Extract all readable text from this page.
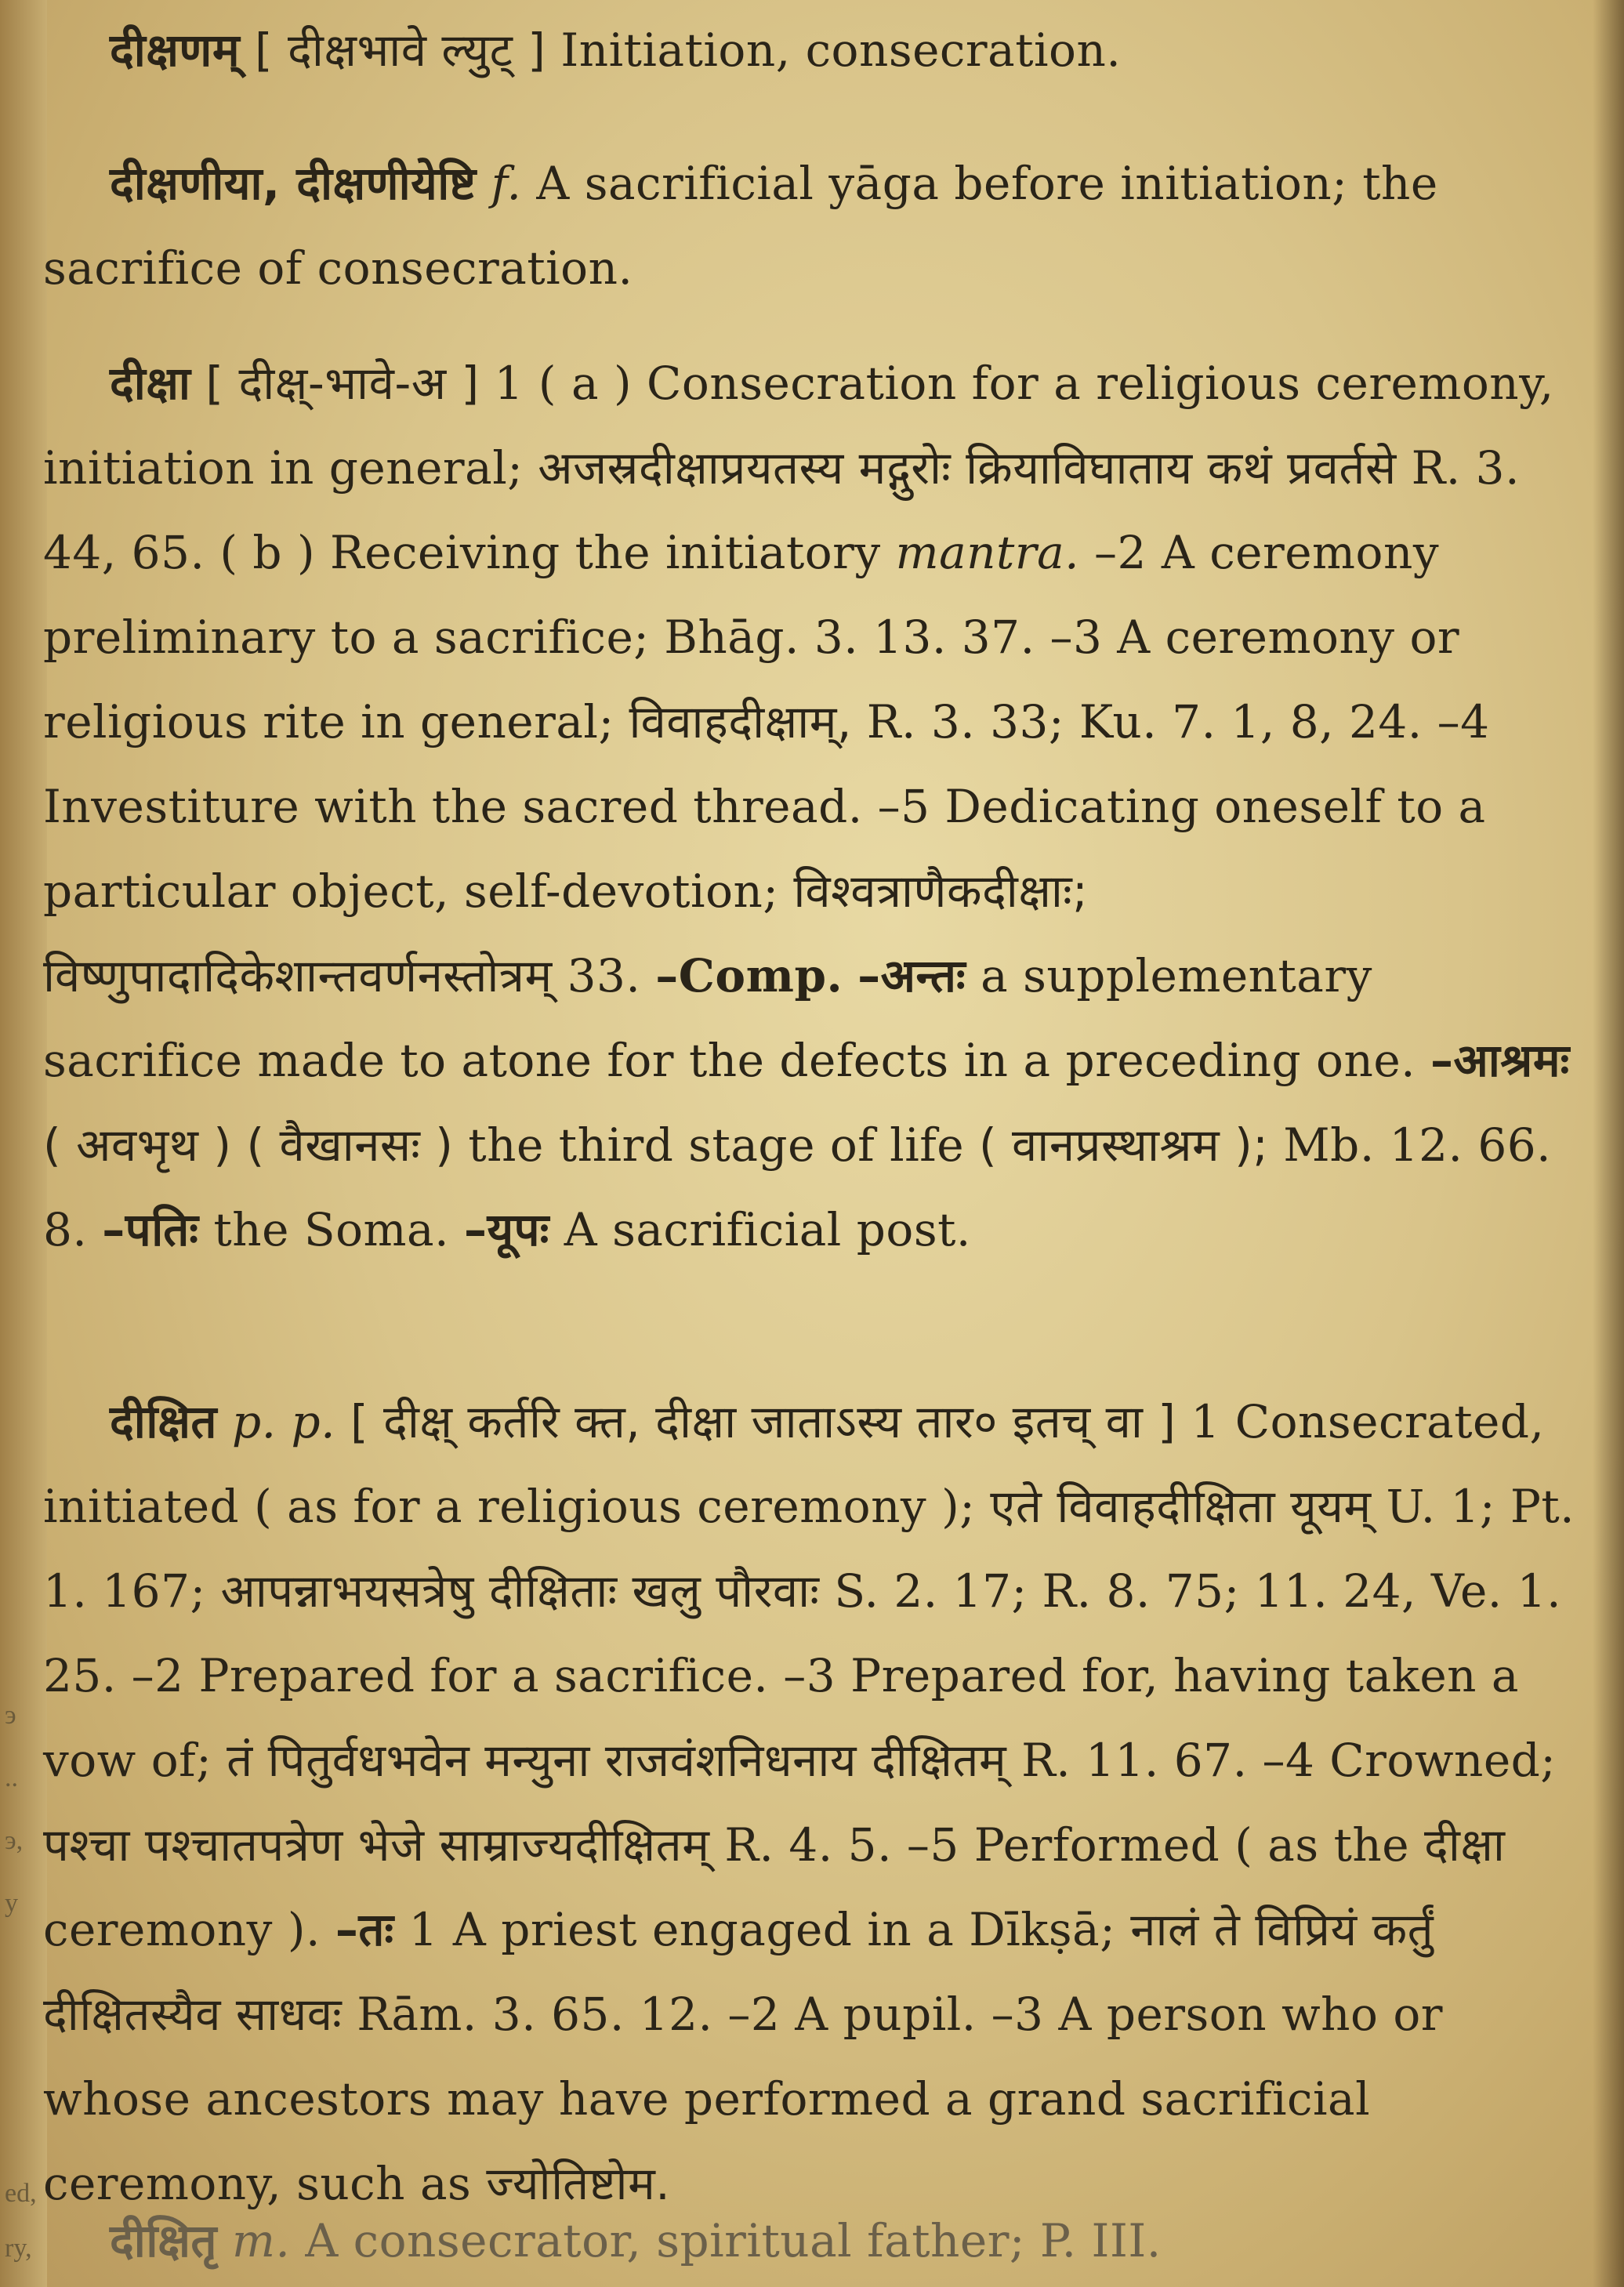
э
..
э,
y
ed,
ry,
दीक्षणम् [ दीक्षभावे ल्युट् ] Initiation, consecration.
दीक्षणीया, दीक्षणीयेष्टि f. A sacrificial yāga before initiation; the sacrifice of consecration.
दीक्षा [ दीक्ष्-भावे-अ ] 1 ( a ) Consecration for a religious ceremony, initiation in general; अजस्रदीक्षाप्रयतस्य मद्गुरोः क्रियाविघाताय कथं प्रवर्तसे R. 3. 44, 65. ( b ) Receiving the initiatory mantra. –2 A ceremony preliminary to a sacrifice; Bhāg. 3. 13. 37. –3 A ceremony or religious rite in general; विवाहदीक्षाम्, R. 3. 33; Ku. 7. 1, 8, 24. –4 Investiture with the sacred thread. –5 Dedicating oneself to a particular object, self-devotion; विश्वत्राणैकदीक्षाः; विष्णुपादादिकेशान्तवर्णनस्तोत्रम् 33. –Comp. –अन्तः a supplementary sacrifice made to atone for the defects in a preceding one. –आश्रमः ( अवभृथ ) ( वैखानसः ) the third stage of life ( वानप्रस्थाश्रम ); Mb. 12. 66. 8. –पतिः the Soma. –यूपः A sacrificial post.
दीक्षित p. p. [ दीक्ष् कर्तरि क्त, दीक्षा जाताऽस्य तार० इतच् वा ] 1 Consecrated, initiated ( as for a religious ceremony ); एते विवाहदीक्षिता यूयम् U. 1; Pt. 1. 167; आपन्नाभयसत्रेषु दीक्षिताः खलु पौरवाः S. 2. 17; R. 8. 75; 11. 24, Ve. 1. 25. –2 Prepared for a sacrifice. –3 Prepared for, having taken a vow of; तं पितुर्वधभवेन मन्युना राजवंशनिधनाय दीक्षितम् R. 11. 67. –4 Crowned; पश्चा पश्चातपत्रेण भेजे साम्राज्यदीक्षितम् R. 4. 5. –5 Performed ( as the दीक्षा ceremony ). –तः 1 A priest engaged in a Dīkṣā; नालं ते विप्रियं कर्तुं दीक्षितस्यैव साधवः Rām. 3. 65. 12. –2 A pupil. –3 A person who or whose ancestors may have performed a grand sacrificial ceremony, such as ज्योतिष्टोम.
दीक्षितृ m. A consecrator, spiritual father; P. III.
